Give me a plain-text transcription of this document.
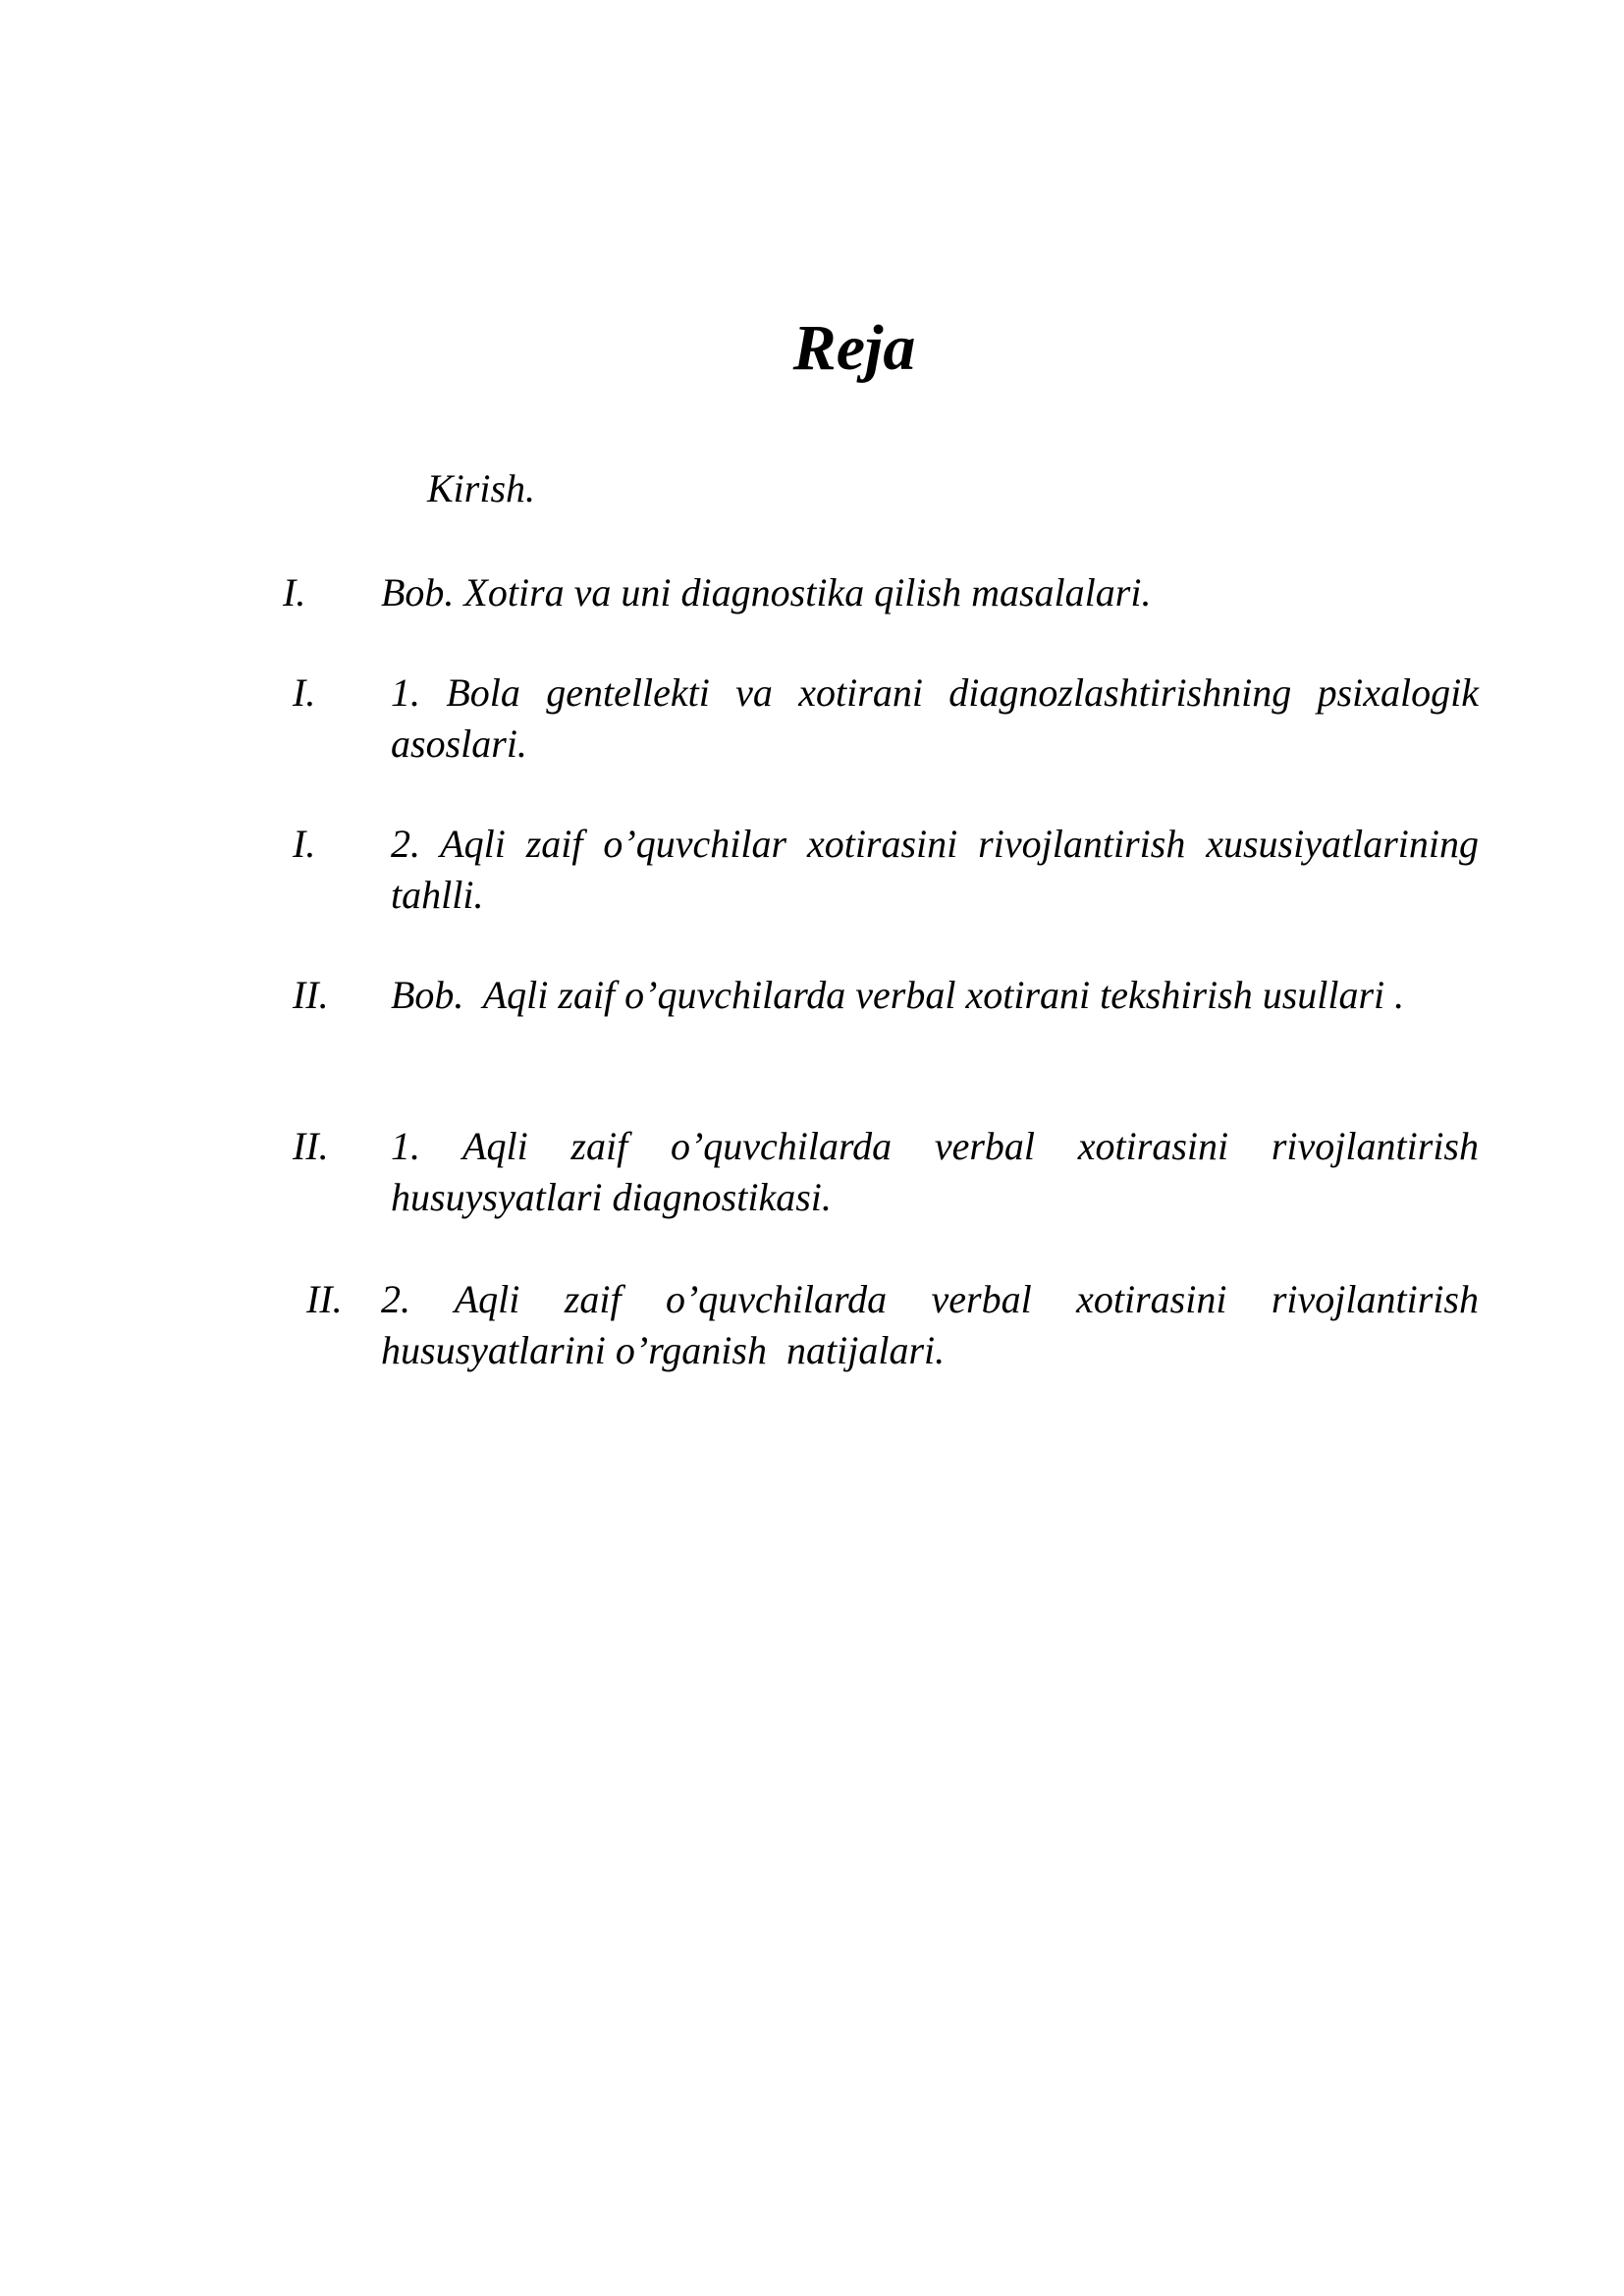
Reja
Kirish.
I. Bob. Xotira va uni diagnostika qilish masalalari.
I. 1. Bola gentellekti va xotirani diagnozlashtirishning psixalogik asoslari.
I. 2. Aqli zaif o’quvchilar xotirasini rivojlantirish xususiyatlarining tahlli.
II. Bob.  Aqli zaif o’quvchilarda verbal xotirani tekshirish usullari .
II. 1. Aqli zaif o’quvchilarda verbal xotirasini rivojlantirish husuysyatlari diagnostikasi.
II. 2. Aqli zaif o’quvchilarda verbal xotirasini rivojlantirish hususyatlarini o’rganish  natijalari.
